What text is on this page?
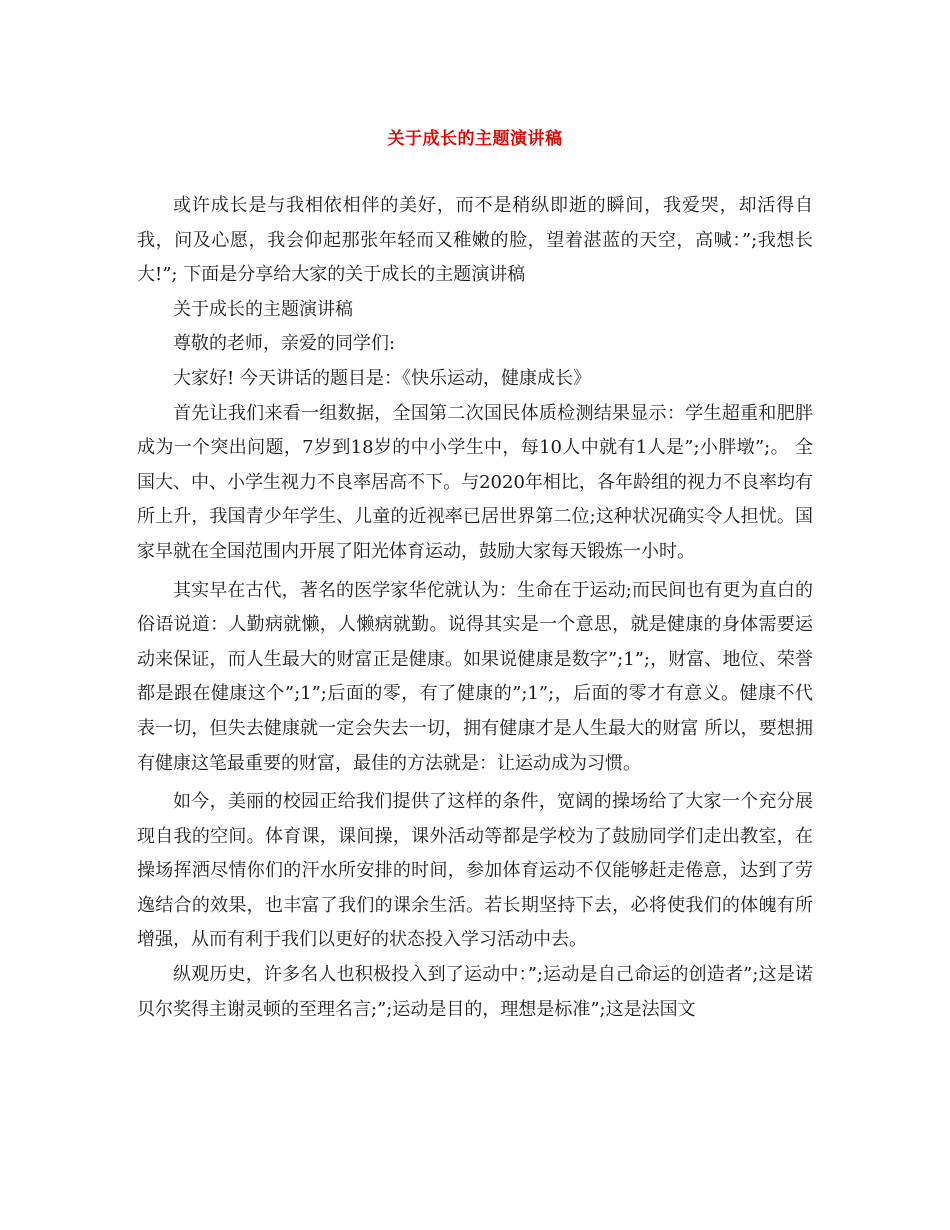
关于成长的主题演讲稿

或许成长是与我相依相伴的美好，而不是稍纵即逝的瞬间，我爱哭，却活得自我，问及心愿，我会仰起那张年轻而又稚嫩的脸，望着湛蓝的天空，高喊：”;我想长大!”; 下面是分享给大家的关于成长的主题演讲稿

关于成长的主题演讲稿

尊敬的老师，亲爱的同学们:

大家好! 今天讲话的题目是：《快乐运动，健康成长》

首先让我们来看一组数据，全国第二次国民体质检测结果显示：学生超重和肥胖成为一个突出问题，7岁到18岁的中小学生中，每10人中就有1人是”;小胖墩”;。 全国大、中、小学生视力不良率居高不下。与2020年相比，各年龄组的视力不良率均有所上升，我国青少年学生、儿童的近视率已居世界第二位;这种状况确实令人担忧。国家早就在全国范围内开展了阳光体育运动，鼓励大家每天锻炼一小时。

其实早在古代，著名的医学家华佗就认为：生命在于运动;而民间也有更为直白的俗语说道：人勤病就懒，人懒病就勤。说得其实是一个意思，就是健康的身体需要运动来保证，而人生最大的财富正是健康。如果说健康是数字”;1”;，财富、地位、荣誉都是跟在健康这个”;1”;后面的零，有了健康的”;1”;，后面的零才有意义。健康不代表一切，但失去健康就一定会失去一切，拥有健康才是人生最大的财富 所以，要想拥有健康这笔最重要的财富，最佳的方法就是：让运动成为习惯。

如今，美丽的校园正给我们提供了这样的条件，宽阔的操场给了大家一个充分展现自我的空间。体育课，课间操，课外活动等都是学校为了鼓励同学们走出教室，在操场挥洒尽情你们的汗水所安排的时间，参加体育运动不仅能够赶走倦意，达到了劳逸结合的效果，也丰富了我们的课余生活。若长期坚持下去，必将使我们的体魄有所增强，从而有利于我们以更好的状态投入学习活动中去。

纵观历史，许多名人也积极投入到了运动中：”;运动是自己命运的创造者”;这是诺贝尔奖得主谢灵顿的至理名言;”;运动是目的，理想是标准”;这是法国文
